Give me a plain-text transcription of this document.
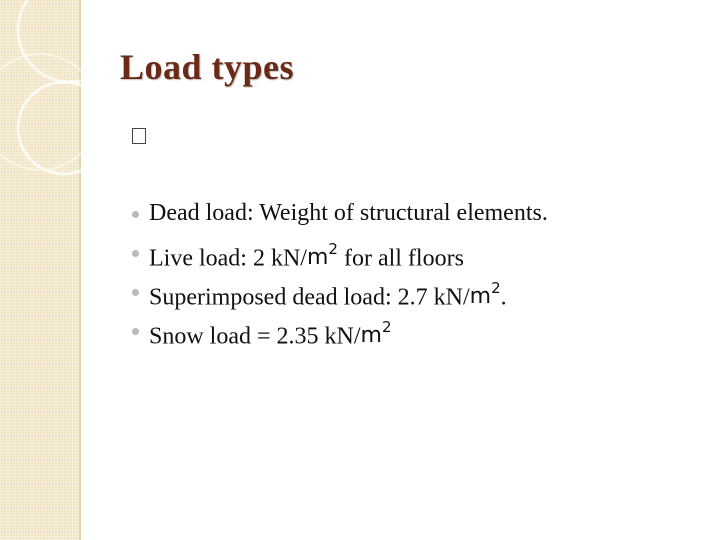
Load types
Dead load: Weight of structural elements.
Live load: 2 $kN/m^2$ for all floors
Superimposed dead load: 2.7 $kN/m^2$.
Snow load = 2.35 $kN/m^2$
